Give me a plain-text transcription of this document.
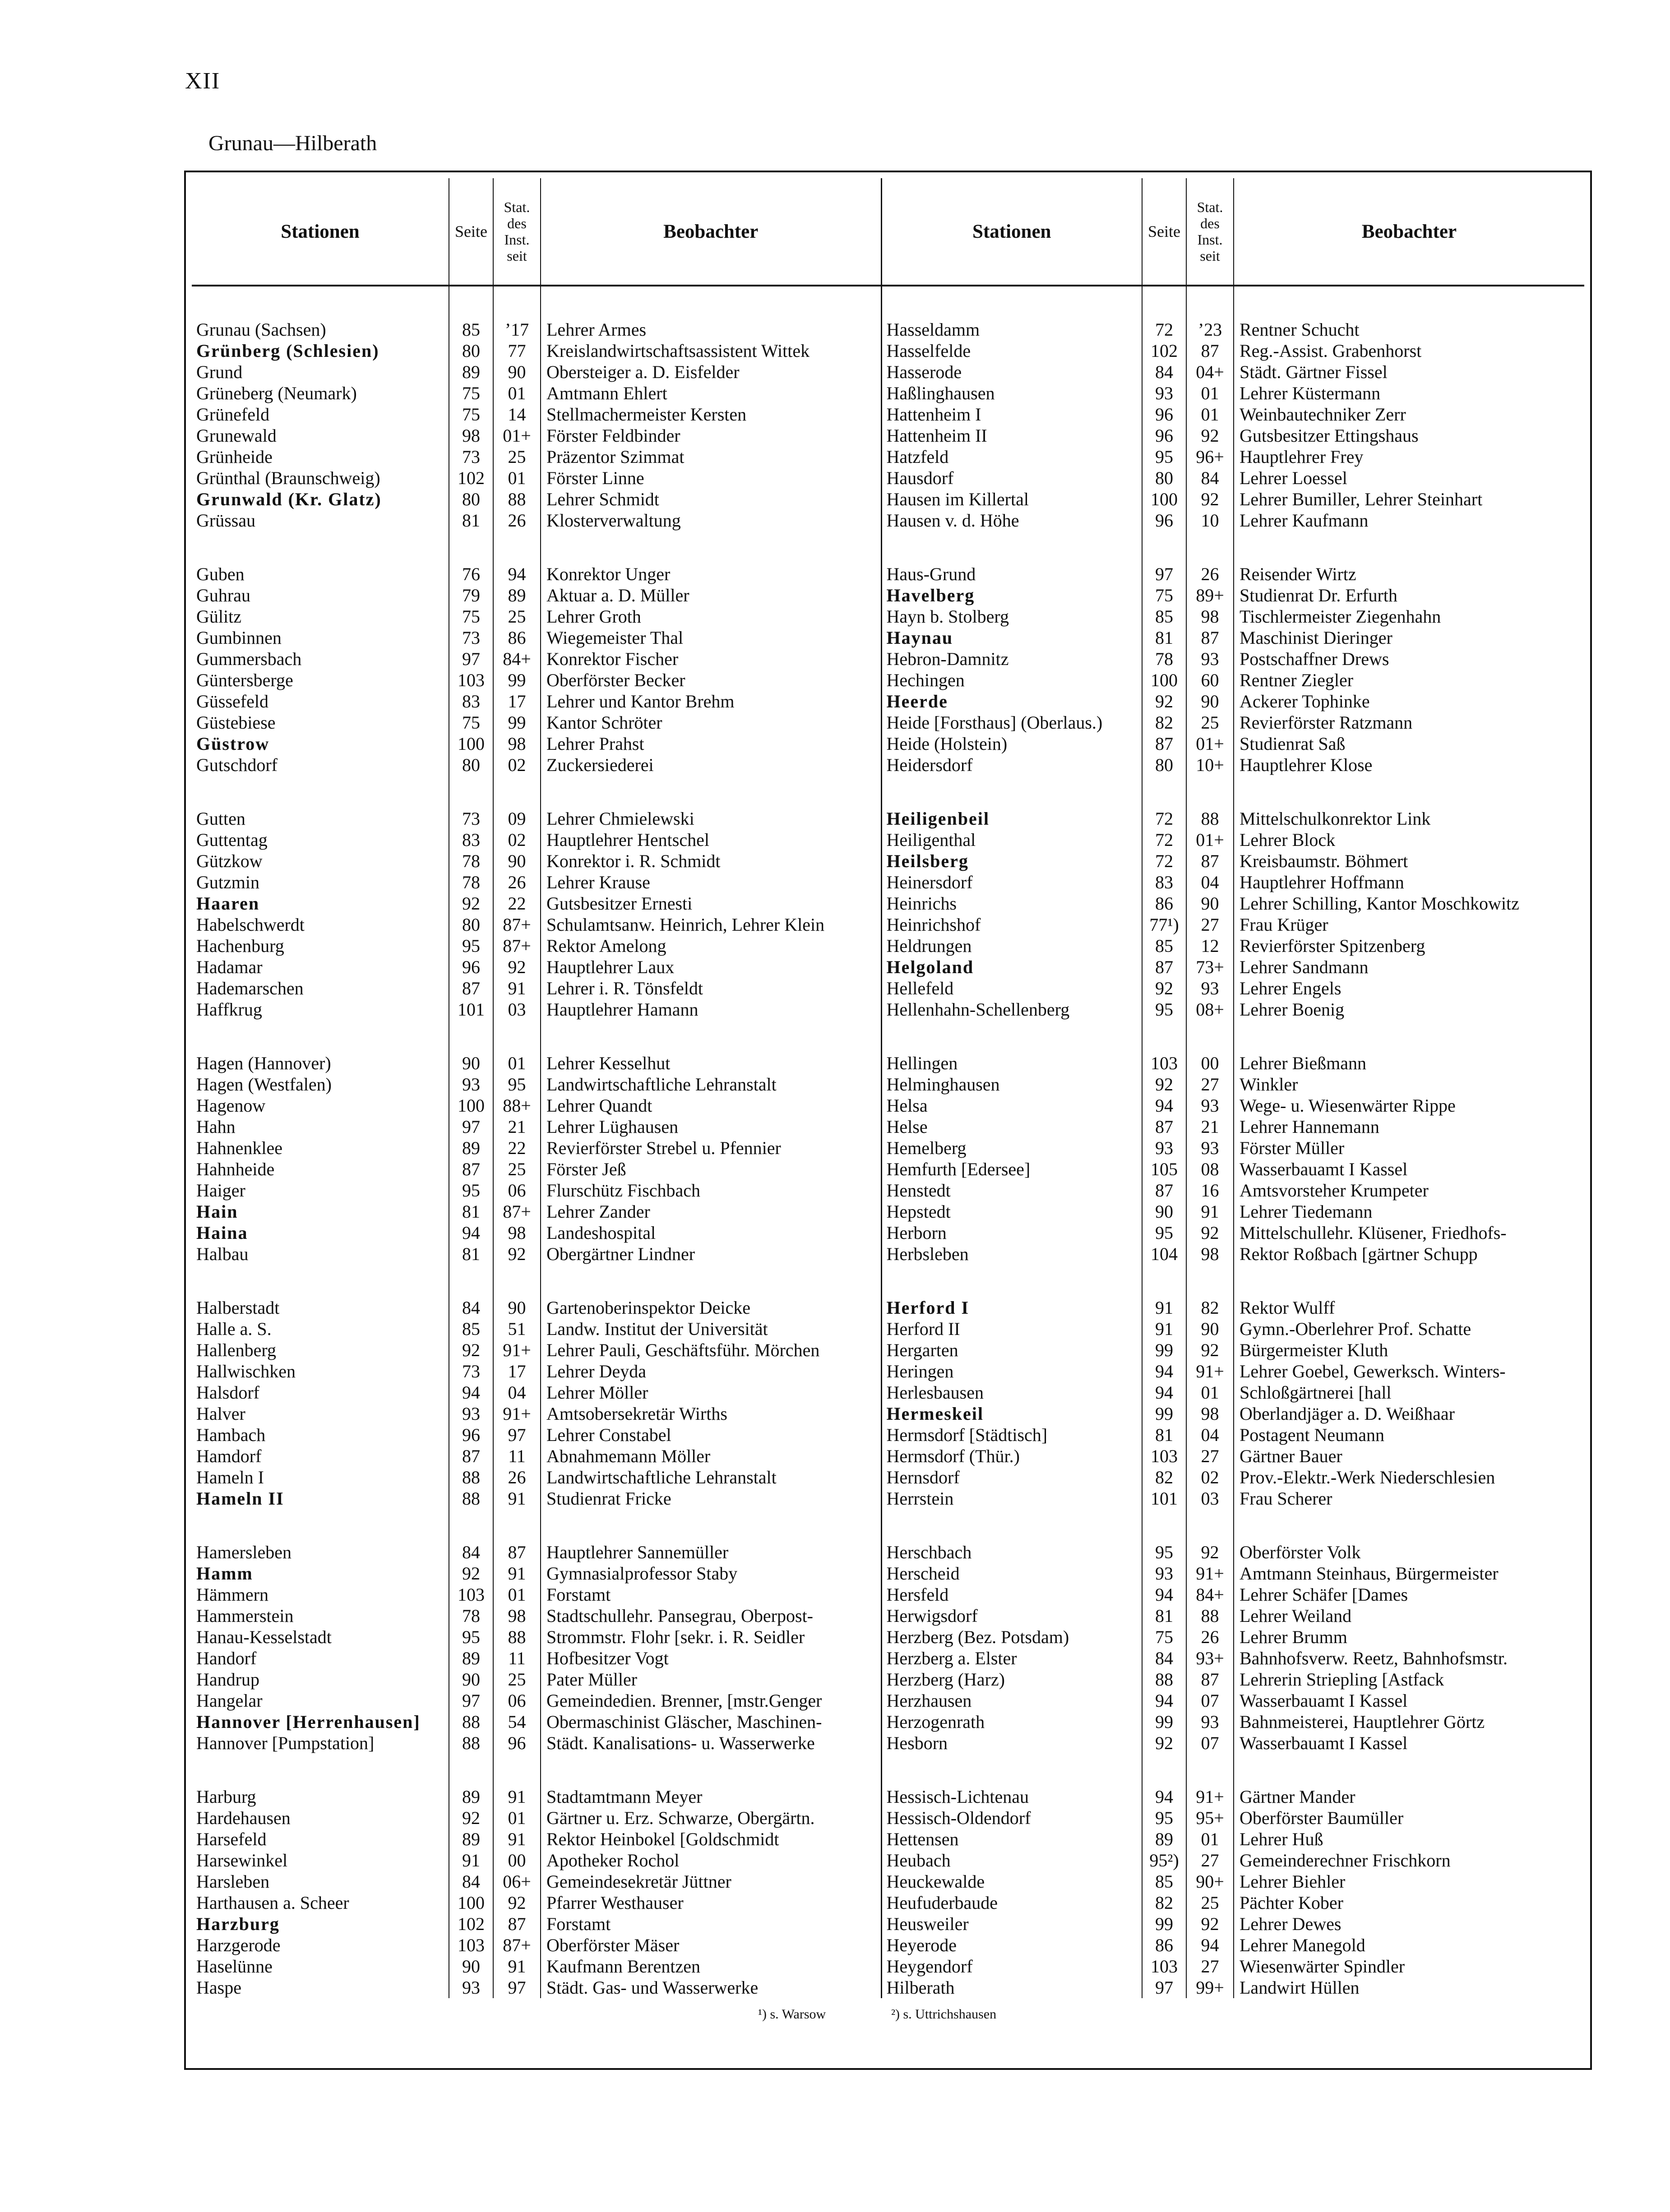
XII
Grunau—Hilberath
Stationen	Seite	Stat. des Inst. seit	Beobachter	Stationen	Seite	Stat. des Inst. seit	Beobachter

Grunau (Sachsen)	85	’17	Lehrer Armes	Hasseldamm	72	’23	Rentner Schucht
Grünberg (Schlesien)	80	77	Kreislandwirtschaftsassistent Wittek	Hasselfelde	102	87	Reg.-Assist. Grabenhorst
Grund	89	90	Obersteiger a. D. Eisfelder	Hasserode	84	04+	Städt. Gärtner Fissel
Grüneberg (Neumark)	75	01	Amtmann Ehlert	Haßlinghausen	93	01	Lehrer Küstermann
Grünefeld	75	14	Stellmachermeister Kersten	Hattenheim I	96	01	Weinbautechniker Zerr
Grunewald	98	01+	Förster Feldbinder	Hattenheim II	96	92	Gutsbesitzer Ettingshaus
Grünheide	73	25	Präzentor Szimmat	Hatzfeld	95	96+	Hauptlehrer Frey
Grünthal (Braunschweig)	102	01	Förster Linne	Hausdorf	80	84	Lehrer Loessel
Grunwald (Kr. Glatz)	80	88	Lehrer Schmidt	Hausen im Killertal	100	92	Lehrer Bumiller, Lehrer Steinhart
Grüssau	81	26	Klosterverwaltung	Hausen v. d. Höhe	96	10	Lehrer Kaufmann

Guben	76	94	Konrektor Unger	Haus-Grund	97	26	Reisender Wirtz
Guhrau	79	89	Aktuar a. D. Müller	Havelberg	75	89+	Studienrat Dr. Erfurth
Gülitz	75	25	Lehrer Groth	Hayn b. Stolberg	85	98	Tischlermeister Ziegenhahn
Gumbinnen	73	86	Wiegemeister Thal	Haynau	81	87	Maschinist Dieringer
Gummersbach	97	84+	Konrektor Fischer	Hebron-Damnitz	78	93	Postschaffner Drews
Güntersberge	103	99	Oberförster Becker	Hechingen	100	60	Rentner Ziegler
Güssefeld	83	17	Lehrer und Kantor Brehm	Heerde	92	90	Ackerer Tophinke
Güstebiese	75	99	Kantor Schröter	Heide [Forsthaus] (Oberlaus.)	82	25	Revierförster Ratzmann
Güstrow	100	98	Lehrer Prahst	Heide (Holstein)	87	01+	Studienrat Saß
Gutschdorf	80	02	Zuckersiederei	Heidersdorf	80	10+	Hauptlehrer Klose

Gutten	73	09	Lehrer Chmielewski	Heiligenbeil	72	88	Mittelschulkonrektor Link
Guttentag	83	02	Hauptlehrer Hentschel	Heiligenthal	72	01+	Lehrer Block
Gützkow	78	90	Konrektor i. R. Schmidt	Heilsberg	72	87	Kreisbaumstr. Böhmert
Gutzmin	78	26	Lehrer Krause	Heinersdorf	83	04	Hauptlehrer Hoffmann
Haaren	92	22	Gutsbesitzer Ernesti	Heinrichs	86	90	Lehrer Schilling, Kantor Moschkowitz
Habelschwerdt	80	87+	Schulamtsanw. Heinrich, Lehrer Klein	Heinrichshof	77¹)	27	Frau Krüger
Hachenburg	95	87+	Rektor Amelong	Heldrungen	85	12	Revierförster Spitzenberg
Hadamar	96	92	Hauptlehrer Laux	Helgoland	87	73+	Lehrer Sandmann
Hademarschen	87	91	Lehrer i. R. Tönsfeldt	Hellefeld	92	93	Lehrer Engels
Haffkrug	101	03	Hauptlehrer Hamann	Hellenhahn-Schellenberg	95	08+	Lehrer Boenig

Hagen (Hannover)	90	01	Lehrer Kesselhut	Hellingen	103	00	Lehrer Bießmann
Hagen (Westfalen)	93	95	Landwirtschaftliche Lehranstalt	Helminghausen	92	27	Winkler
Hagenow	100	88+	Lehrer Quandt	Helsa	94	93	Wege- u. Wiesenwärter Rippe
Hahn	97	21	Lehrer Lüghausen	Helse	87	21	Lehrer Hannemann
Hahnenklee	89	22	Revierförster Strebel u. Pfennier	Hemelberg	93	93	Förster Müller
Hahnheide	87	25	Förster Jeß	Hemfurth [Edersee]	105	08	Wasserbauamt I Kassel
Haiger	95	06	Flurschütz Fischbach	Henstedt	87	16	Amtsvorsteher Krumpeter
Hain	81	87+	Lehrer Zander	Hepstedt	90	91	Lehrer Tiedemann
Haina	94	98	Landeshospital	Herborn	95	92	Mittelschullehr. Klüsener, Friedhofs-
Halbau	81	92	Obergärtner Lindner	Herbsleben	104	98	Rektor Roßbach [gärtner Schupp

Halberstadt	84	90	Gartenoberinspektor Deicke	Herford I	91	82	Rektor Wulff
Halle a. S.	85	51	Landw. Institut der Universität	Herford II	91	90	Gymn.-Oberlehrer Prof. Schatte
Hallenberg	92	91+	Lehrer Pauli, Geschäftsführ. Mörchen	Hergarten	99	92	Bürgermeister Kluth
Hallwischken	73	17	Lehrer Deyda	Heringen	94	91+	Lehrer Goebel, Gewerksch. Winters-
Halsdorf	94	04	Lehrer Möller	Herlesbausen	94	01	Schloßgärtnerei [hall
Halver	93	91+	Amtsobersekretär Wirths	Hermeskeil	99	98	Oberlandjäger a. D. Weißhaar
Hambach	96	97	Lehrer Constabel	Hermsdorf [Städtisch]	81	04	Postagent Neumann
Hamdorf	87	11	Abnahmemann Möller	Hermsdorf (Thür.)	103	27	Gärtner Bauer
Hameln I	88	26	Landwirtschaftliche Lehranstalt	Hernsdorf	82	02	Prov.-Elektr.-Werk Niederschlesien
Hameln II	88	91	Studienrat Fricke	Herrstein	101	03	Frau Scherer

Hamersleben	84	87	Hauptlehrer Sannemüller	Herschbach	95	92	Oberförster Volk
Hamm	92	91	Gymnasialprofessor Staby	Herscheid	93	91+	Amtmann Steinhaus, Bürgermeister
Hämmern	103	01	Forstamt	Hersfeld	94	84+	Lehrer Schäfer [Dames
Hammerstein	78	98	Stadtschullehr. Pansegrau, Oberpost-	Herwigsdorf	81	88	Lehrer Weiland
Hanau-Kesselstadt	95	88	Strommstr. Flohr [sekr. i. R. Seidler	Herzberg (Bez. Potsdam)	75	26	Lehrer Brumm
Handorf	89	11	Hofbesitzer Vogt	Herzberg a. Elster	84	93+	Bahnhofsverw. Reetz, Bahnhofsmstr.
Handrup	90	25	Pater Müller	Herzberg (Harz)	88	87	Lehrerin Striepling [Astfack
Hangelar	97	06	Gemeindedien. Brenner, [mstr.Genger	Herzhausen	94	07	Wasserbauamt I Kassel
Hannover [Herrenhausen]	88	54	Obermaschinist Gläscher, Maschinen-	Herzogenrath	99	93	Bahnmeisterei, Hauptlehrer Görtz
Hannover [Pumpstation]	88	96	Städt. Kanalisations- u. Wasserwerke	Hesborn	92	07	Wasserbauamt I Kassel

Harburg	89	91	Stadtamtmann Meyer	Hessisch-Lichtenau	94	91+	Gärtner Mander
Hardehausen	92	01	Gärtner u. Erz. Schwarze, Obergärtn.	Hessisch-Oldendorf	95	95+	Oberförster Baumüller
Harsefeld	89	91	Rektor Heinbokel [Goldschmidt	Hettensen	89	01	Lehrer Huß
Harsewinkel	91	00	Apotheker Rochol	Heubach	95²)	27	Gemeinderechner Frischkorn
Harsleben	84	06+	Gemeindesekretär Jüttner	Heuckewalde	85	90+	Lehrer Biehler
Harthausen a. Scheer	100	92	Pfarrer Westhauser	Heufuderbaude	82	25	Pächter Kober
Harzburg	102	87	Forstamt	Heusweiler	99	92	Lehrer Dewes
Harzgerode	103	87+	Oberförster Mäser	Heyerode	86	94	Lehrer Manegold
Haselünne	90	91	Kaufmann Berentzen	Heygendorf	103	27	Wiesenwärter Spindler
Haspe	93	97	Städt. Gas- und Wasserwerke	Hilberath	97	99+	Landwirt Hüllen
¹) s. Warsow	²) s. Uttrichshausen
